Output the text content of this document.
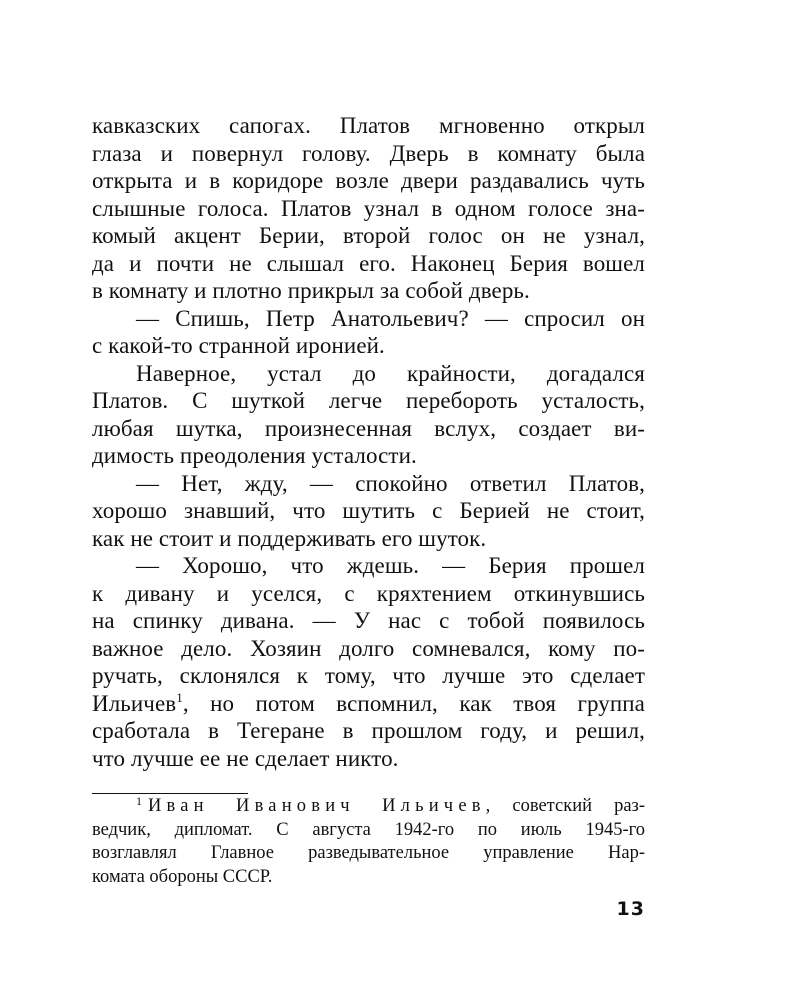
кавказских сапогах. Платов мгновенно открыл
глаза и повернул голову. Дверь в комнату была
открыта и в коридоре возле двери раздавались чуть
слышные голоса. Платов узнал в одном голосе зна-
комый акцент Берии, второй голос он не узнал,
да и почти не слышал его. Наконец Берия вошел
в комнату и плотно прикрыл за собой дверь.
— Спишь, Петр Анатольевич? — спросил он
с какой-то странной иронией.
Наверное, устал до крайности, догадался
Платов. С шуткой легче перебороть усталость,
любая шутка, произнесенная вслух, создает ви-
димость преодоления усталости.
— Нет, жду, — спокойно ответил Платов,
хорошо знавший, что шутить с Берией не стоит,
как не стоит и поддерживать его шуток.
— Хорошо, что ждешь. — Берия прошел
к дивану и уселся, с кряхтением откинувшись
на спинку дивана. — У нас с тобой появилось
важное дело. Хозяин долго сомневался, кому по-
ручать, склонялся к тому, что лучше это сделает
Ильичев$^1$, но потом вспомнил, как твоя группа
сработала в Тегеране в прошлом году, и решил,
что лучше ее не сделает никто.
$^1$ Иван Иванович Ильичев, советский раз-
ведчик, дипломат. С августа 1942-го по июль 1945-го
возглавлял Главное разведывательное управление Нар-
комата обороны СССР.
13
